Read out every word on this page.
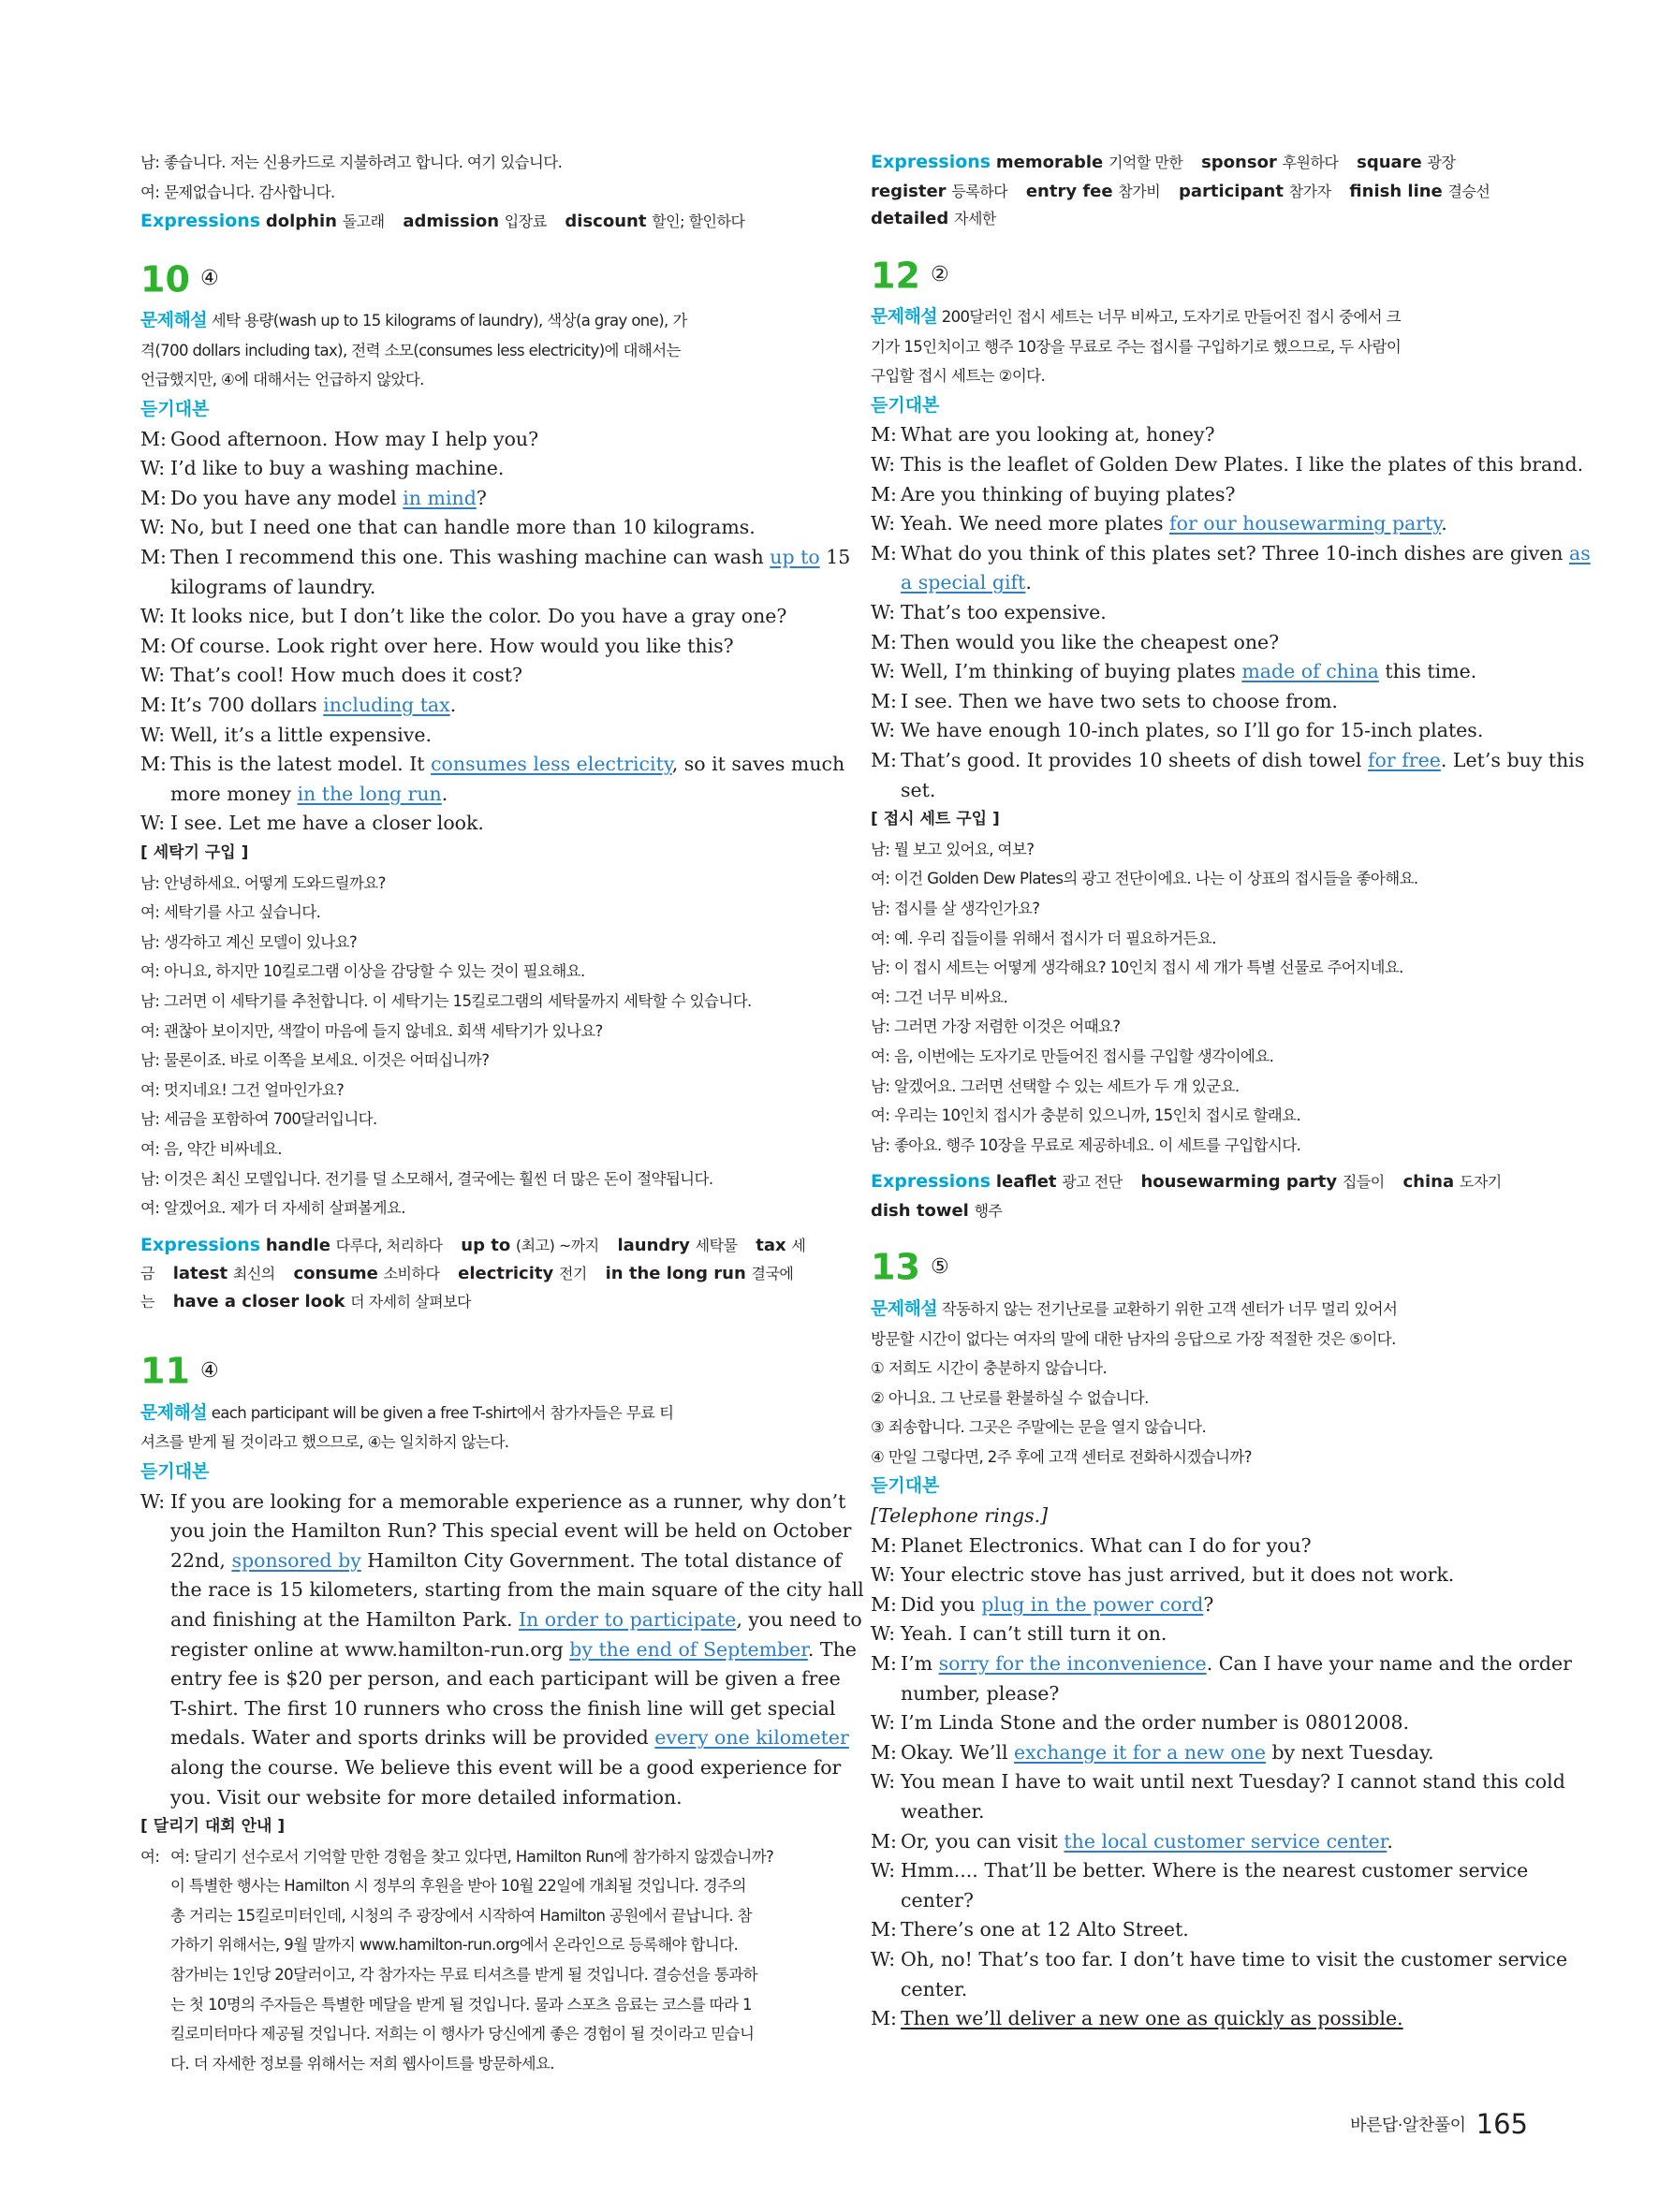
남: 좋습니다. 저는 신용카드로 지불하려고 합니다. 여기 있습니다.
여: 문제없습니다. 감사합니다.
Expressions dolphin 돌고래 admission 입장료 discount 할인; 할인하다
10 ④
문제해설 세탁 용량(wash up to 15 kilograms of laundry), 색상(a gray one), 가
격(700 dollars including tax), 전력 소모(consumes less electricity)에 대해서는
언급했지만, ④에 대해서는 언급하지 않았다.
듣기대본
M: Good afternoon. How may I help you?
W: I’d like to buy a washing machine.
M: Do you have any model in mind?
W: No, but I need one that can handle more than 10 kilograms.
M: Then I recommend this one. This washing machine can wash up to 15
kilograms of laundry.
W: It looks nice, but I don’t like the color. Do you have a gray one?
M: Of course. Look right over here. How would you like this?
W: That’s cool! How much does it cost?
M: It’s 700 dollars including tax.
W: Well, it’s a little expensive.
M: This is the latest model. It consumes less electricity, so it saves much
more money in the long run.
W: I see. Let me have a closer look.
[ 세탁기 구입 ]
남: 안녕하세요. 어떻게 도와드릴까요?
여: 세탁기를 사고 싶습니다.
남: 생각하고 계신 모델이 있나요?
여: 아니요, 하지만 10킬로그램 이상을 감당할 수 있는 것이 필요해요.
남: 그러면 이 세탁기를 추천합니다. 이 세탁기는 15킬로그램의 세탁물까지 세탁할 수 있습니다.
여: 괜찮아 보이지만, 색깔이 마음에 들지 않네요. 회색 세탁기가 있나요?
남: 물론이죠. 바로 이쪽을 보세요. 이것은 어떠십니까?
여: 멋지네요! 그건 얼마인가요?
남: 세금을 포함하여 700달러입니다.
여: 음, 약간 비싸네요.
남: 이것은 최신 모델입니다. 전기를 덜 소모해서, 결국에는 훨씬 더 많은 돈이 절약됩니다.
여: 알겠어요. 제가 더 자세히 살펴볼게요.
Expressions handle 다루다, 처리하다 up to (최고) ~까지 laundry 세탁물 tax 세금 latest 최신의 consume 소비하다 electricity 전기 in the long run 결국에는 have a closer look 더 자세히 살펴보다
11 ④
문제해설 each participant will be given a free T-shirt에서 참가자들은 무료 티
셔츠를 받게 될 것이라고 했으므로, ④는 일치하지 않는다.
듣기대본
W: If you are looking for a memorable experience as a runner, why don’t
you join the Hamilton Run? This special event will be held on October
22nd, sponsored by Hamilton City Government. The total distance of
the race is 15 kilometers, starting from the main square of the city hall
and finishing at the Hamilton Park. In order to participate, you need to
register online at www.hamilton-run.org by the end of September. The
entry fee is $20 per person, and each participant will be given a free
T-shirt. The first 10 runners who cross the finish line will get special
medals. Water and sports drinks will be provided every one kilometer
along the course. We believe this event will be a good experience for
you. Visit our website for more detailed information.
[ 달리기 대회 안내 ]
여: 여: 달리기 선수로서 기억할 만한 경험을 찾고 있다면, Hamilton Run에 참가하지 않겠습니까?
이 특별한 행사는 Hamilton 시 정부의 후원을 받아 10월 22일에 개최될 것입니다. 경주의
총 거리는 15킬로미터인데, 시청의 주 광장에서 시작하여 Hamilton 공원에서 끝납니다. 참
가하기 위해서는, 9월 말까지 www.hamilton-run.org에서 온라인으로 등록해야 합니다.
참가비는 1인당 20달러이고, 각 참가자는 무료 티셔츠를 받게 될 것입니다. 결승선을 통과하
는 첫 10명의 주자들은 특별한 메달을 받게 될 것입니다. 물과 스포츠 음료는 코스를 따라 1
킬로미터마다 제공될 것입니다. 저희는 이 행사가 당신에게 좋은 경험이 될 것이라고 믿습니
다. 더 자세한 정보를 위해서는 저희 웹사이트를 방문하세요.
Expressions memorable 기억할 만한 sponsor 후원하다 square 광장 register 등록하다 entry fee 참가비 participant 참가자 finish line 결승선 detailed 자세한
12 ②
문제해설 200달러인 접시 세트는 너무 비싸고, 도자기로 만들어진 접시 중에서 크
기가 15인치이고 행주 10장을 무료로 주는 접시를 구입하기로 했으므로, 두 사람이
구입할 접시 세트는 ②이다.
듣기대본
M: What are you looking at, honey?
W: This is the leaflet of Golden Dew Plates. I like the plates of this brand.
M: Are you thinking of buying plates?
W: Yeah. We need more plates for our housewarming party.
M: What do you think of this plates set? Three 10-inch dishes are given as
a special gift.
W: That’s too expensive.
M: Then would you like the cheapest one?
W: Well, I’m thinking of buying plates made of china this time.
M: I see. Then we have two sets to choose from.
W: We have enough 10-inch plates, so I’ll go for 15-inch plates.
M: That’s good. It provides 10 sheets of dish towel for free. Let’s buy this
set.
[ 접시 세트 구입 ]
남: 뭘 보고 있어요, 여보?
여: 이건 Golden Dew Plates의 광고 전단이에요. 나는 이 상표의 접시들을 좋아해요.
남: 접시를 살 생각인가요?
여: 예. 우리 집들이를 위해서 접시가 더 필요하거든요.
남: 이 접시 세트는 어떻게 생각해요? 10인치 접시 세 개가 특별 선물로 주어지네요.
여: 그건 너무 비싸요.
남: 그러면 가장 저렴한 이것은 어때요?
여: 음, 이번에는 도자기로 만들어진 접시를 구입할 생각이에요.
남: 알겠어요. 그러면 선택할 수 있는 세트가 두 개 있군요.
여: 우리는 10인치 접시가 충분히 있으니까, 15인치 접시로 할래요.
남: 좋아요. 행주 10장을 무료로 제공하네요. 이 세트를 구입합시다.
Expressions leaflet 광고 전단 housewarming party 집들이 china 도자기 dish towel 행주
13 ⑤
문제해설 작동하지 않는 전기난로를 교환하기 위한 고객 센터가 너무 멀리 있어서
방문할 시간이 없다는 여자의 말에 대한 남자의 응답으로 가장 적절한 것은 ⑤이다.
① 저희도 시간이 충분하지 않습니다.
② 아니요. 그 난로를 환불하실 수 없습니다.
③ 죄송합니다. 그곳은 주말에는 문을 열지 않습니다.
④ 만일 그렇다면, 2주 후에 고객 센터로 전화하시겠습니까?
듣기대본
[Telephone rings.]
M: Planet Electronics. What can I do for you?
W: Your electric stove has just arrived, but it does not work.
M: Did you plug in the power cord?
W: Yeah. I can’t still turn it on.
M: I’m sorry for the inconvenience. Can I have your name and the order
number, please?
W: I’m Linda Stone and the order number is 08012008.
M: Okay. We’ll exchange it for a new one by next Tuesday.
W: You mean I have to wait until next Tuesday? I cannot stand this cold
weather.
M: Or, you can visit the local customer service center.
W: Hmm.... That’ll be better. Where is the nearest customer service
center?
M: There’s one at 12 Alto Street.
W: Oh, no! That’s too far. I don’t have time to visit the customer service
center.
M: Then we’ll deliver a new one as quickly as possible.
바른답·알찬풀이 165
